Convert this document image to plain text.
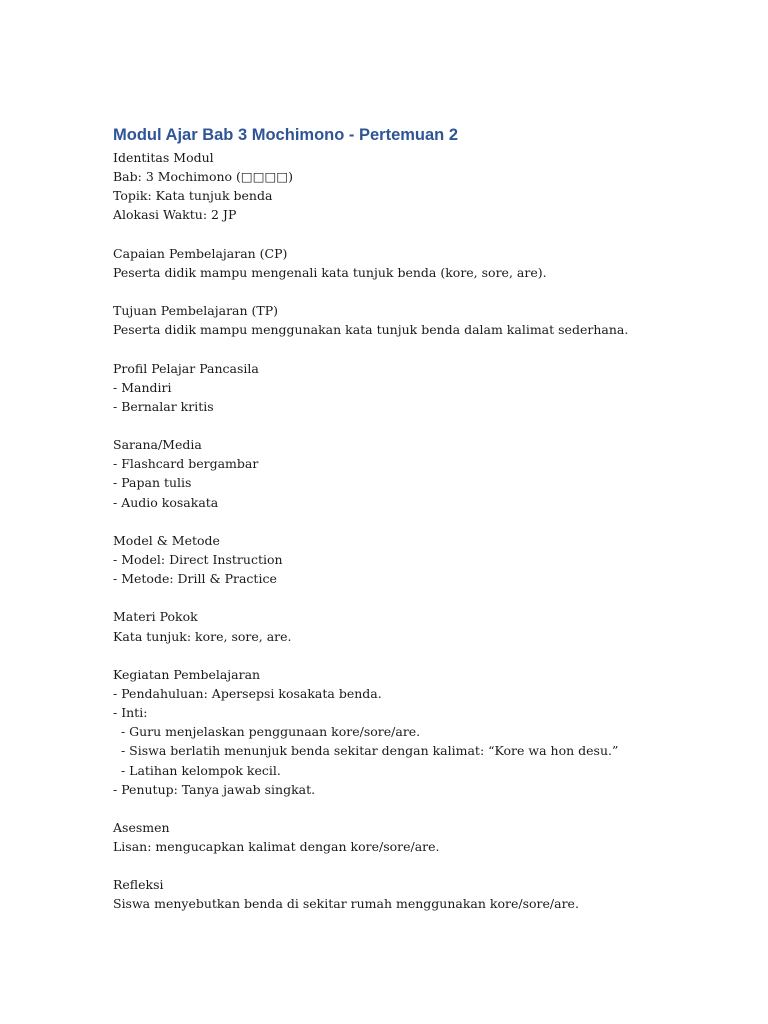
Modul Ajar Bab 3 Mochimono - Pertemuan 2
Identitas Modul
Bab: 3 Mochimono (□□□□)
Topik: Kata tunjuk benda
Alokasi Waktu: 2 JP
Capaian Pembelajaran (CP)
Peserta didik mampu mengenali kata tunjuk benda (kore, sore, are).
Tujuan Pembelajaran (TP)
Peserta didik mampu menggunakan kata tunjuk benda dalam kalimat sederhana.
Profil Pelajar Pancasila
- Mandiri
- Bernalar kritis
Sarana/Media
- Flashcard bergambar
- Papan tulis
- Audio kosakata
Model & Metode
- Model: Direct Instruction
- Metode: Drill & Practice
Materi Pokok
Kata tunjuk: kore, sore, are.
Kegiatan Pembelajaran
- Pendahuluan: Apersepsi kosakata benda.
- Inti:
- Guru menjelaskan penggunaan kore/sore/are.
- Siswa berlatih menunjuk benda sekitar dengan kalimat: “Kore wa hon desu.”
- Latihan kelompok kecil.
- Penutup: Tanya jawab singkat.
Asesmen
Lisan: mengucapkan kalimat dengan kore/sore/are.
Refleksi
Siswa menyebutkan benda di sekitar rumah menggunakan kore/sore/are.
